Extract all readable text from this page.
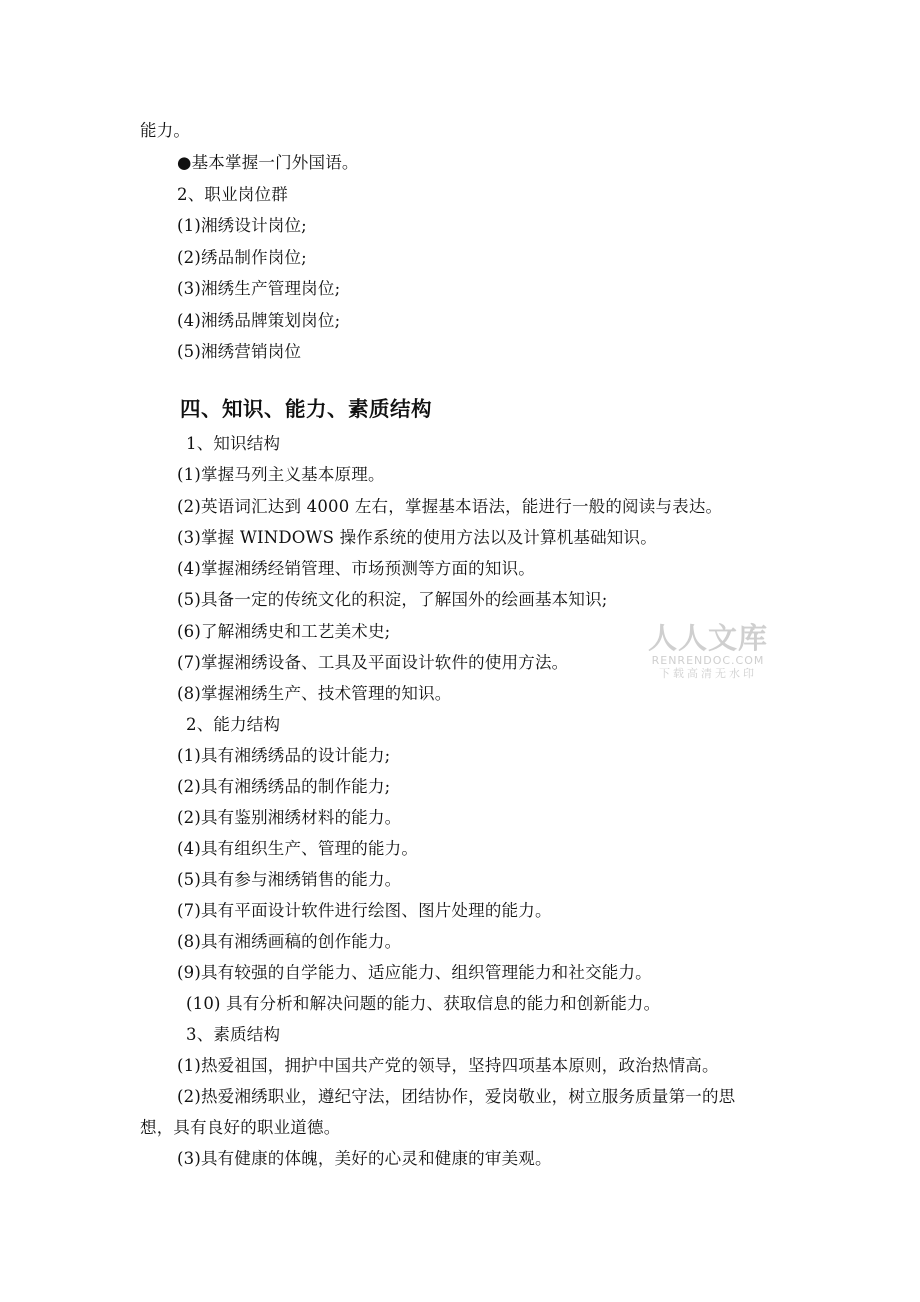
能力。
●基本掌握一门外国语。
2、职业岗位群
(1)湘绣设计岗位;
(2)绣品制作岗位;
(3)湘绣生产管理岗位;
(4)湘绣品牌策划岗位;
(5)湘绣营销岗位
四、知识、能力、素质结构
1、知识结构
(1)掌握马列主义基本原理。
(2)英语词汇达到 4000 左右，掌握基本语法，能进行一般的阅读与表达。
(3)掌握 WINDOWS 操作系统的使用方法以及计算机基础知识。
(4)掌握湘绣经销管理、市场预测等方面的知识。
(5)具备一定的传统文化的积淀，了解国外的绘画基本知识;
(6)了解湘绣史和工艺美术史;
(7)掌握湘绣设备、工具及平面设计软件的使用方法。
(8)掌握湘绣生产、技术管理的知识。
2、能力结构
(1)具有湘绣绣品的设计能力;
(2)具有湘绣绣品的制作能力;
(2)具有鉴别湘绣材料的能力。
(4)具有组织生产、管理的能力。
(5)具有参与湘绣销售的能力。
(7)具有平面设计软件进行绘图、图片处理的能力。
(8)具有湘绣画稿的创作能力。
(9)具有较强的自学能力、适应能力、组织管理能力和社交能力。
(10) 具有分析和解决问题的能力、获取信息的能力和创新能力。
3、素质结构
(1)热爱祖国，拥护中国共产党的领导，坚持四项基本原则，政治热情高。
(2)热爱湘绣职业，遵纪守法，团结协作，爱岗敬业，树立服务质量第一的思
想，具有良好的职业道德。
(3)具有健康的体魄，美好的心灵和健康的审美观。
人人文库
RENRENDOC.COM
下载高清无水印
